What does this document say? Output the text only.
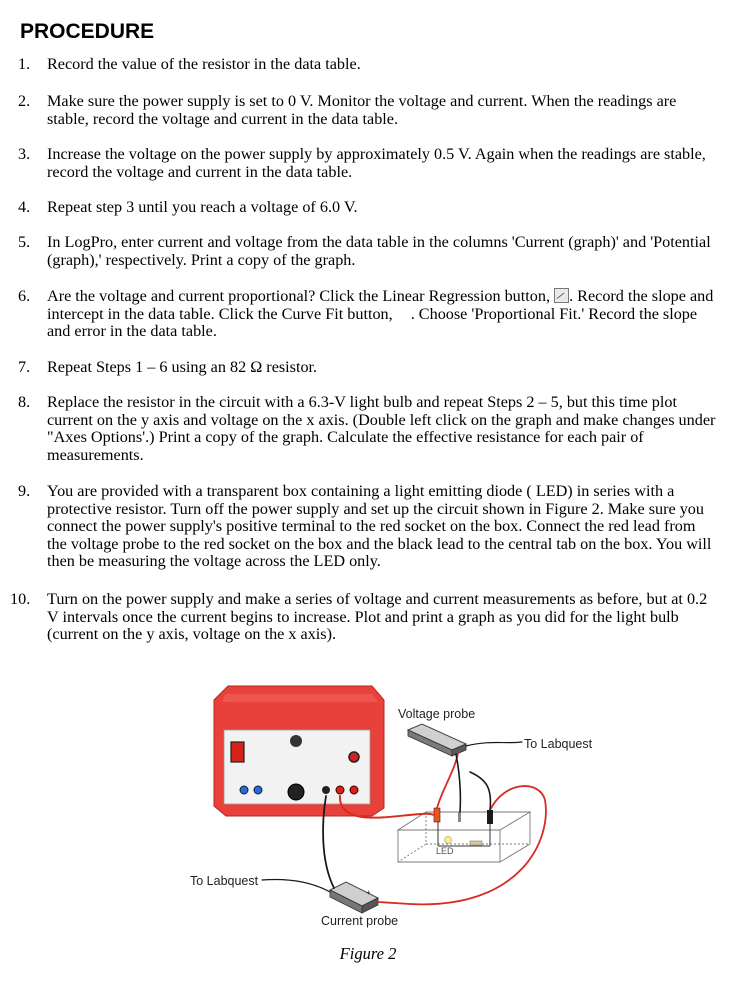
PROCEDURE
1. Record the value of the resistor in the data table.
2. Make sure the power supply is set to 0 V. Monitor the voltage and current. When the readings are stable, record the voltage and current in the data table.
3. Increase the voltage on the power supply by approximately 0.5 V. Again when the readings are stable, record the voltage and current in the data table.
4. Repeat step 3 until you reach a voltage of 6.0 V.
5. In LogPro, enter current and voltage from the data table in the columns 'Current (graph)' and 'Potential (graph),' respectively. Print a copy of the graph.
6. Are the voltage and current proportional? Click the Linear Regression button, . Record the slope and intercept in the data table. Click the Curve Fit button, . Choose 'Proportional Fit.' Record the slope and error in the data table.
7. Repeat Steps 1 – 6 using an 82 Ω resistor.
8. Replace the resistor in the circuit with a 6.3-V light bulb and repeat Steps 2 – 5, but this time plot current on the y axis and voltage on the x axis. (Double left click on the graph and make changes under "Axes Options'.) Print a copy of the graph. Calculate the effective resistance for each pair of measurements.
9. You are provided with a transparent box containing a light emitting diode ( LED) in series with a protective resistor. Turn off the power supply and set up the circuit shown in Figure 2. Make sure you connect the power supply's positive terminal to the red socket on the box. Connect the red lead from the voltage probe to the red socket on the box and the black lead to the central tab on the box. You will then be measuring the voltage across the LED only.
10. Turn on the power supply and make a series of voltage and current measurements as before, but at 0.2 V intervals once the current begins to increase. Plot and print a graph as you did for the light bulb (current on the y axis, voltage on the x axis).
+
Voltage probe
To Labquest
To Labquest
Current probe
LED
Figure 2
